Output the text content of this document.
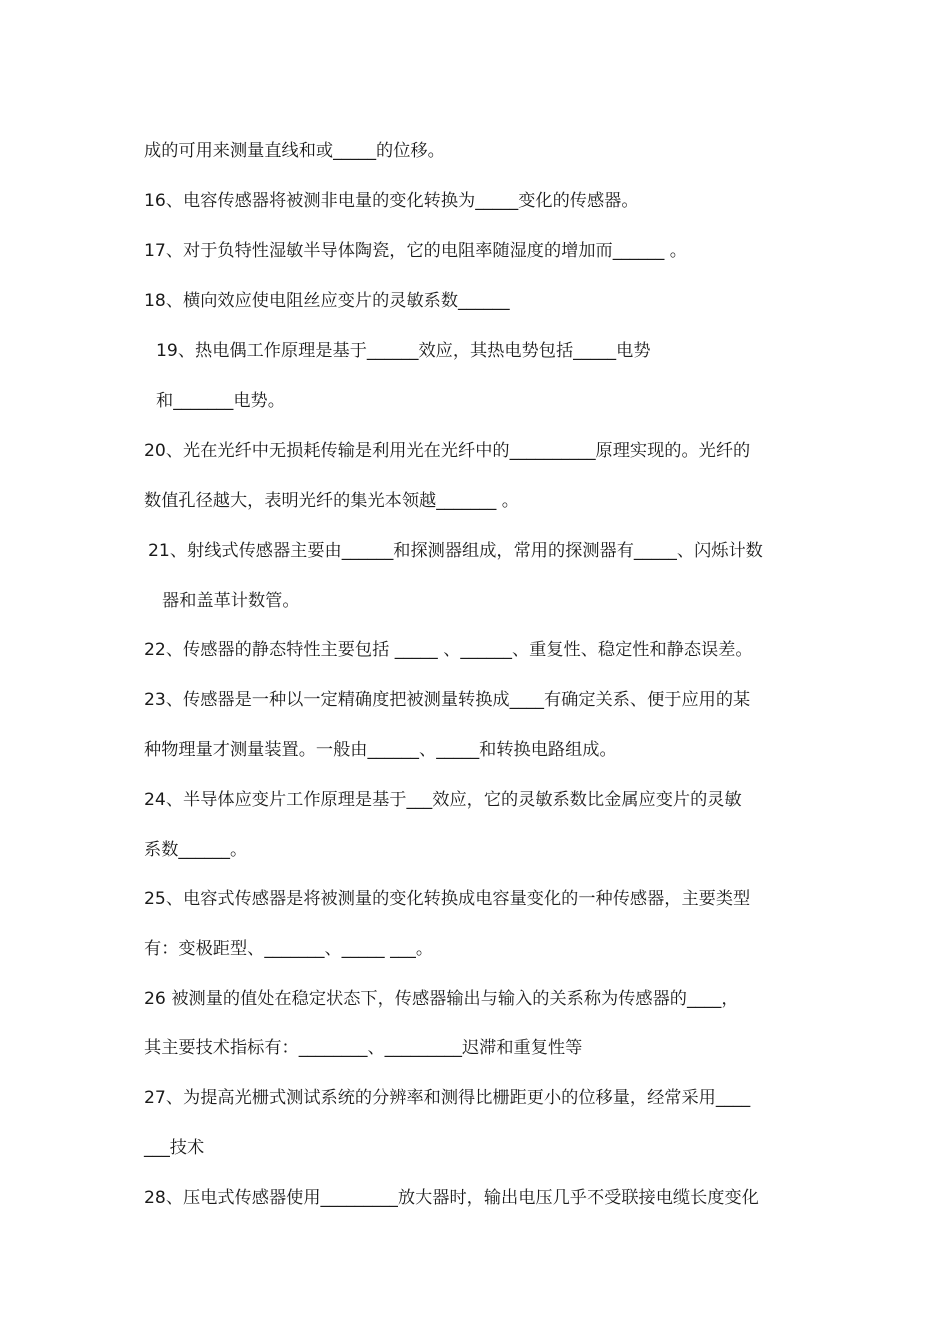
成的可用来测量直线和或_____的位移。
16、电容传感器将被测非电量的变化转换为_____变化的传感器。
17、对于负特性湿敏半导体陶瓷，它的电阻率随湿度的增加而______ 。
18、横向效应使电阻丝应变片的灵敏系数______
19、热电偶工作原理是基于______效应，其热电势包括_____电势
和_______电势。
20、光在光纤中无损耗传输是利用光在光纤中的__________原理实现的。光纤的
数值孔径越大，表明光纤的集光本领越_______ 。
21、射线式传感器主要由______和探测器组成，常用的探测器有_____、闪烁计数
器和盖革计数管。
22、传感器的静态特性主要包括 _____ 、______、重复性、稳定性和静态误差。
23、传感器是一种以一定精确度把被测量转换成____有确定关系、便于应用的某
种物理量才测量装置。一般由______、_____和转换电路组成。
24、半导体应变片工作原理是基于___效应，它的灵敏系数比金属应变片的灵敏
系数______。
25、电容式传感器是将被测量的变化转换成电容量变化的一种传感器，主要类型
有：变极距型、_______、_____ ___。
26 被测量的值处在稳定状态下，传感器输出与输入的关系称为传感器的____，
其主要技术指标有：________、_________迟滞和重复性等
27、为提高光栅式测试系统的分辨率和测得比栅距更小的位移量，经常采用____
___技术
28、压电式传感器使用_________放大器时，输出电压几乎不受联接电缆长度变化
